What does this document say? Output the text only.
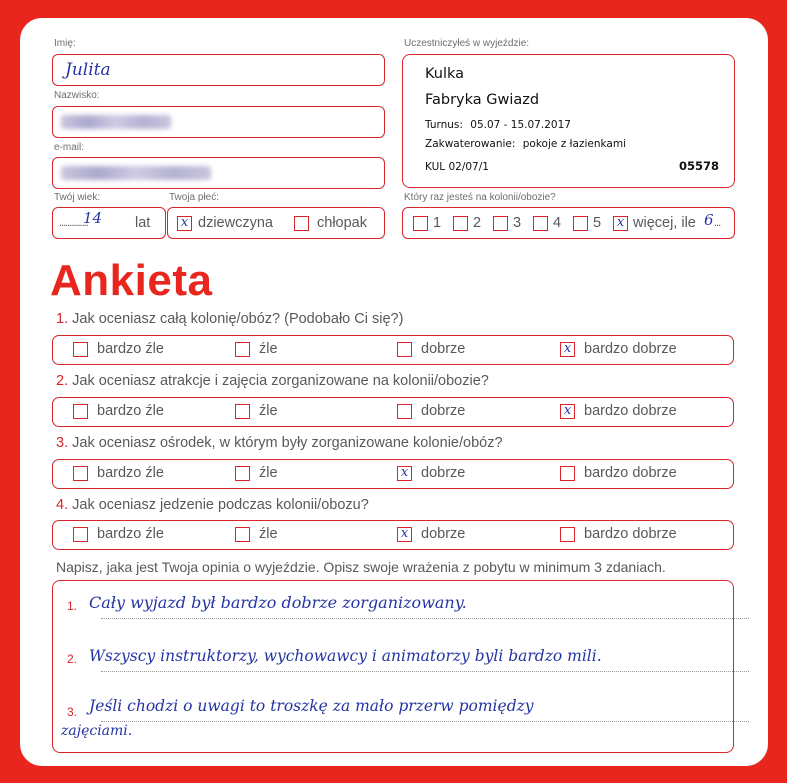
Imię:
Julita
Nazwisko:
e-mail:
Twój wiek:
..............
14 lat
Twoja płeć:
x dziewczyna	chłopak
Uczestniczyłeś w wyjeździe:
Kulka
Fabryka Gwiazd
Turnus: 05.07 - 15.07.2017
Zakwaterowanie: pokoje z łazienkami
KUL 02/07/1	05578
Który raz jesteś na kolonii/obozie?
1 2 3 4 5 x więcej, ile 6 ...
Ankieta
1. Jak oceniasz całą kolonię/obóz? (Podobało Ci się?)
bardzo źle	źle	dobrze	x bardzo dobrze
2. Jak oceniasz atrakcje i zajęcia zorganizowane na kolonii/obozie?
bardzo źle	źle	dobrze	x bardzo dobrze
3. Jak oceniasz ośrodek, w którym były zorganizowane kolonie/obóz?
bardzo źle	źle	x dobrze	bardzo dobrze
4. Jak oceniasz jedzenie podczas kolonii/obozu?
bardzo źle	źle	x dobrze	bardzo dobrze
Napisz, jaka jest Twoja opinia o wyjeździe. Opisz swoje wrażenia z pobytu w minimum 3 zdaniach.
1.
2.
3.
Cały wyjazd był bardzo dobrze zorganizowany.
Wszyscy instruktorzy, wychowawcy i animatorzy byli bardzo mili.
Jeśli chodzi o uwagi to troszkę za mało przerw pomiędzy
zajęciami.
